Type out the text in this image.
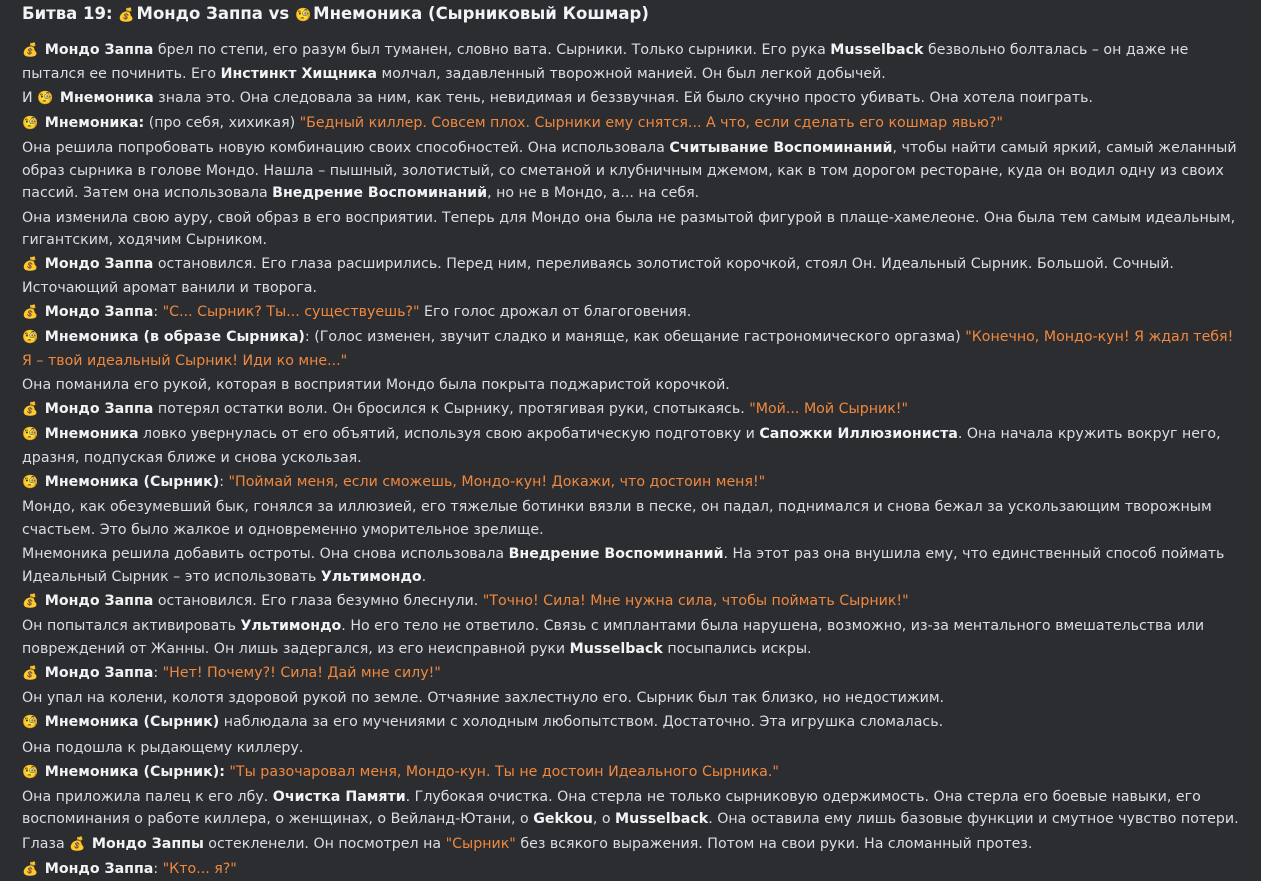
Битва 19: 💰 Мондо Заппа vs 🧐 Мнемоника (Сырниковый Кошмар)

💰 Мондо Заппа брел по степи, его разум был туманен, словно вата. Сырники. Только сырники. Его рука Musselback безвольно болталась – он даже не пытался ее починить. Его Инстинкт Хищника молчал, задавленный творожной манией. Он был легкой добычей.

И 🧐 Мнемоника знала это. Она следовала за ним, как тень, невидимая и беззвучная. Ей было скучно просто убивать. Она хотела поиграть.

🧐 Мнемоника: (про себя, хихикая) "Бедный киллер. Совсем плох. Сырники ему снятся... А что, если сделать его кошмар явью?"

Она решила попробовать новую комбинацию своих способностей. Она использовала Считывание Воспоминаний, чтобы найти самый яркий, самый желанный образ сырника в голове Мондо. Нашла – пышный, золотистый, со сметаной и клубничным джемом, как в том дорогом ресторане, куда он водил одну из своих пассий. Затем она использовала Внедрение Воспоминаний, но не в Мондо, а... на себя.

Она изменила свою ауру, свой образ в его восприятии. Теперь для Мондо она была не размытой фигурой в плаще-хамелеоне. Она была тем самым идеальным, гигантским, ходячим Сырником.

💰 Мондо Заппа остановился. Его глаза расширились. Перед ним, переливаясь золотистой корочкой, стоял Он. Идеальный Сырник. Большой. Сочный. Источающий аромат ванили и творога.

💰 Мондо Заппа: "С... Сырник? Ты... существуешь?" Его голос дрожал от благоговения.

🧐 Мнемоника (в образе Сырника): (Голос изменен, звучит сладко и маняще, как обещание гастрономического оргазма) "Конечно, Мондо-кун! Я ждал тебя! Я – твой идеальный Сырник! Иди ко мне..."

Она поманила его рукой, которая в восприятии Мондо была покрыта поджаристой корочкой.

💰 Мондо Заппа потерял остатки воли. Он бросился к Сырнику, протягивая руки, спотыкаясь. "Мой... Мой Сырник!"

🧐 Мнемоника ловко увернулась от его объятий, используя свою акробатическую подготовку и Сапожки Иллюзиониста. Она начала кружить вокруг него, дразня, подпуская ближе и снова ускользая.

🧐 Мнемоника (Сырник): "Поймай меня, если сможешь, Мондо-кун! Докажи, что достоин меня!"

Мондо, как обезумевший бык, гонялся за иллюзией, его тяжелые ботинки вязли в песке, он падал, поднимался и снова бежал за ускользающим творожным счастьем. Это было жалкое и одновременно уморительное зрелище.

Мнемоника решила добавить остроты. Она снова использовала Внедрение Воспоминаний. На этот раз она внушила ему, что единственный способ поймать Идеальный Сырник – это использовать Ультимондо.

💰 Мондо Заппа остановился. Его глаза безумно блеснули. "Точно! Сила! Мне нужна сила, чтобы поймать Сырник!"

Он попытался активировать Ультимондо. Но его тело не ответило. Связь с имплантами была нарушена, возможно, из-за ментального вмешательства или повреждений от Жанны. Он лишь задергался, из его неисправной руки Musselback посыпались искры.

💰 Мондо Заппа: "Нет! Почему?! Сила! Дай мне силу!"

Он упал на колени, колотя здоровой рукой по земле. Отчаяние захлестнуло его. Сырник был так близко, но недостижим.

🧐 Мнемоника (Сырник) наблюдала за его мучениями с холодным любопытством. Достаточно. Эта игрушка сломалась.

Она подошла к рыдающему киллеру.

🧐 Мнемоника (Сырник): "Ты разочаровал меня, Мондо-кун. Ты не достоин Идеального Сырника."

Она приложила палец к его лбу. Очистка Памяти. Глубокая очистка. Она стерла не только сырниковую одержимость. Она стерла его боевые навыки, его воспоминания о работе киллера, о женщинах, о Вейланд-Ютани, о Gekkou, о Musselback. Она оставила ему лишь базовые функции и смутное чувство потери.

Глаза 💰 Мондо Заппы остекленели. Он посмотрел на "Сырник" без всякого выражения. Потом на свои руки. На сломанный протез.

💰 Мондо Заппа: "Кто... я?"
